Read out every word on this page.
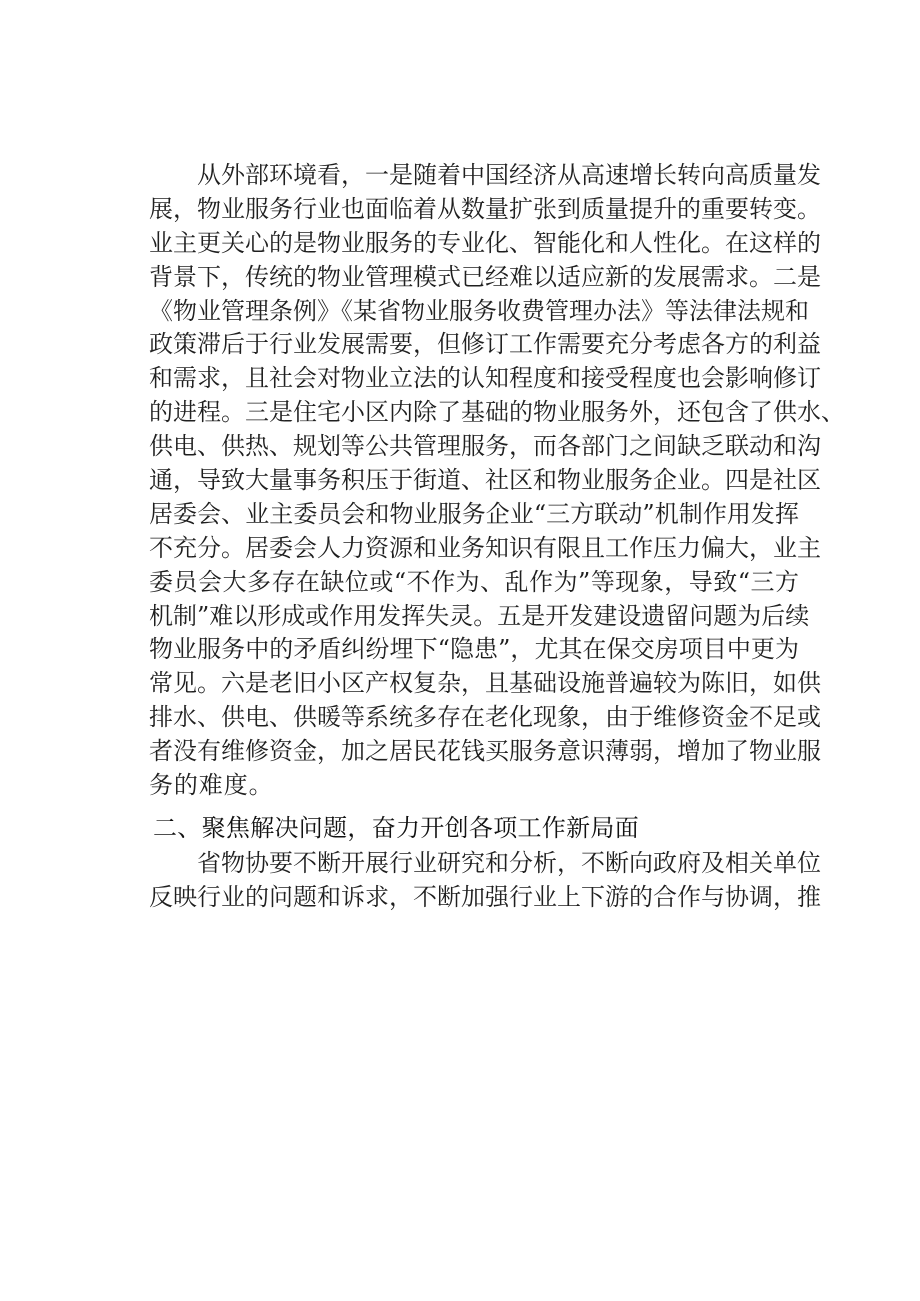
从外部环境看，一是随着中国经济从高速增长转向高质量发
展，物业服务行业也面临着从数量扩张到质量提升的重要转变。
业主更关心的是物业服务的专业化、智能化和人性化。在这样的
背景下，传统的物业管理模式已经难以适应新的发展需求。二是
《物业管理条例》《某省物业服务收费管理办法》等法律法规和
政策滞后于行业发展需要，但修订工作需要充分考虑各方的利益
和需求，且社会对物业立法的认知程度和接受程度也会影响修订
的进程。三是住宅小区内除了基础的物业服务外，还包含了供水、
供电、供热、规划等公共管理服务，而各部门之间缺乏联动和沟
通，导致大量事务积压于街道、社区和物业服务企业。四是社区
居委会、业主委员会和物业服务企业“三方联动”机制作用发挥
不充分。居委会人力资源和业务知识有限且工作压力偏大，业主
委员会大多存在缺位或“不作为、乱作为”等现象，导致“三方
机制”难以形成或作用发挥失灵。五是开发建设遗留问题为后续
物业服务中的矛盾纠纷埋下“隐患”，尤其在保交房项目中更为
常见。六是老旧小区产权复杂，且基础设施普遍较为陈旧，如供
排水、供电、供暖等系统多存在老化现象，由于维修资金不足或
者没有维修资金，加之居民花钱买服务意识薄弱，增加了物业服
务的难度。
二、聚焦解决问题，奋力开创各项工作新局面
省物协要不断开展行业研究和分析，不断向政府及相关单位
反映行业的问题和诉求，不断加强行业上下游的合作与协调，推
